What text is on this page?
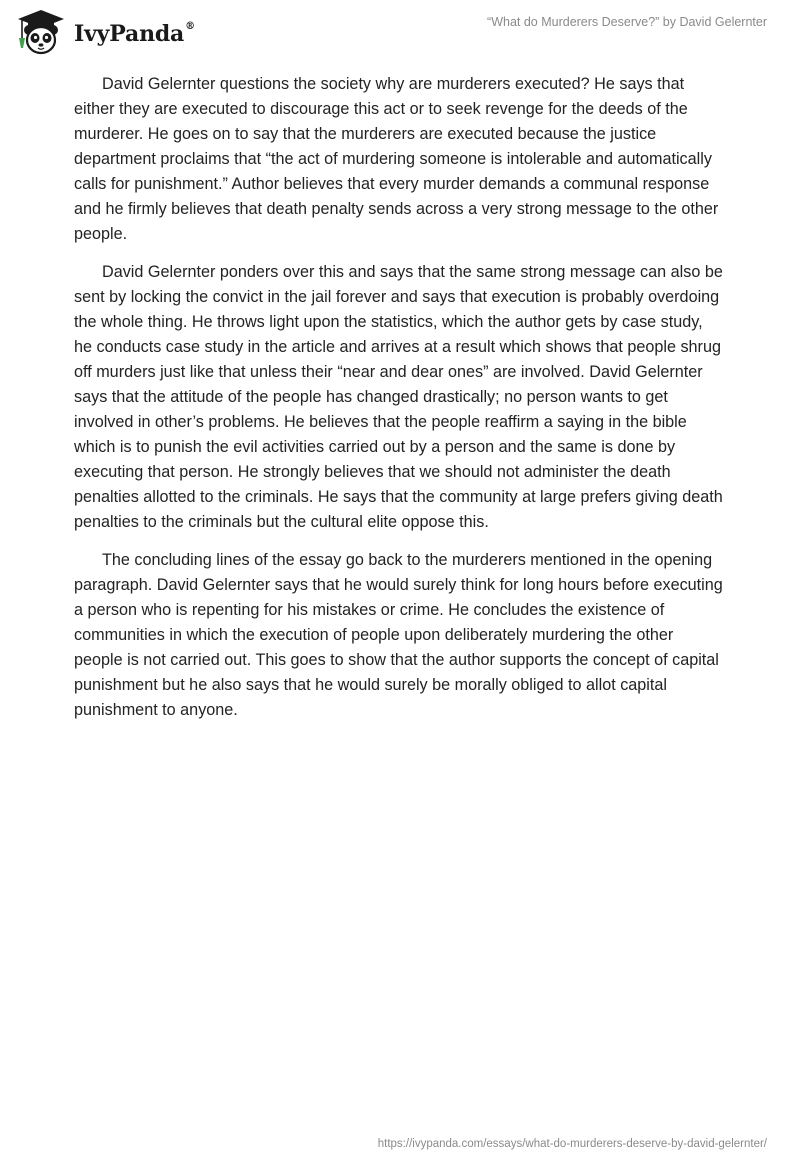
IvyPanda®	“What do Murderers Deserve?” by David Gelernter

David Gelernter questions the society why are murderers executed? He says that either they are executed to discourage this act or to seek revenge for the deeds of the murderer. He goes on to say that the murderers are executed because the justice department proclaims that “the act of murdering someone is intolerable and automatically calls for punishment.” Author believes that every murder demands a communal response and he firmly believes that death penalty sends across a very strong message to the other people.

David Gelernter ponders over this and says that the same strong message can also be sent by locking the convict in the jail forever and says that execution is probably overdoing the whole thing. He throws light upon the statistics, which the author gets by case study, he conducts case study in the article and arrives at a result which shows that people shrug off murders just like that unless their “near and dear ones” are involved. David Gelernter says that the attitude of the people has changed drastically; no person wants to get involved in other’s problems. He believes that the people reaffirm a saying in the bible which is to punish the evil activities carried out by a person and the same is done by executing that person. He strongly believes that we should not administer the death penalties allotted to the criminals. He says that the community at large prefers giving death penalties to the criminals but the cultural elite oppose this.

The concluding lines of the essay go back to the murderers mentioned in the opening paragraph. David Gelernter says that he would surely think for long hours before executing a person who is repenting for his mistakes or crime. He concludes the existence of communities in which the execution of people upon deliberately murdering the other people is not carried out. This goes to show that the author supports the concept of capital punishment but he also says that he would surely be morally obliged to allot capital punishment to anyone.

https://ivypanda.com/essays/what-do-murderers-deserve-by-david-gelernter/
